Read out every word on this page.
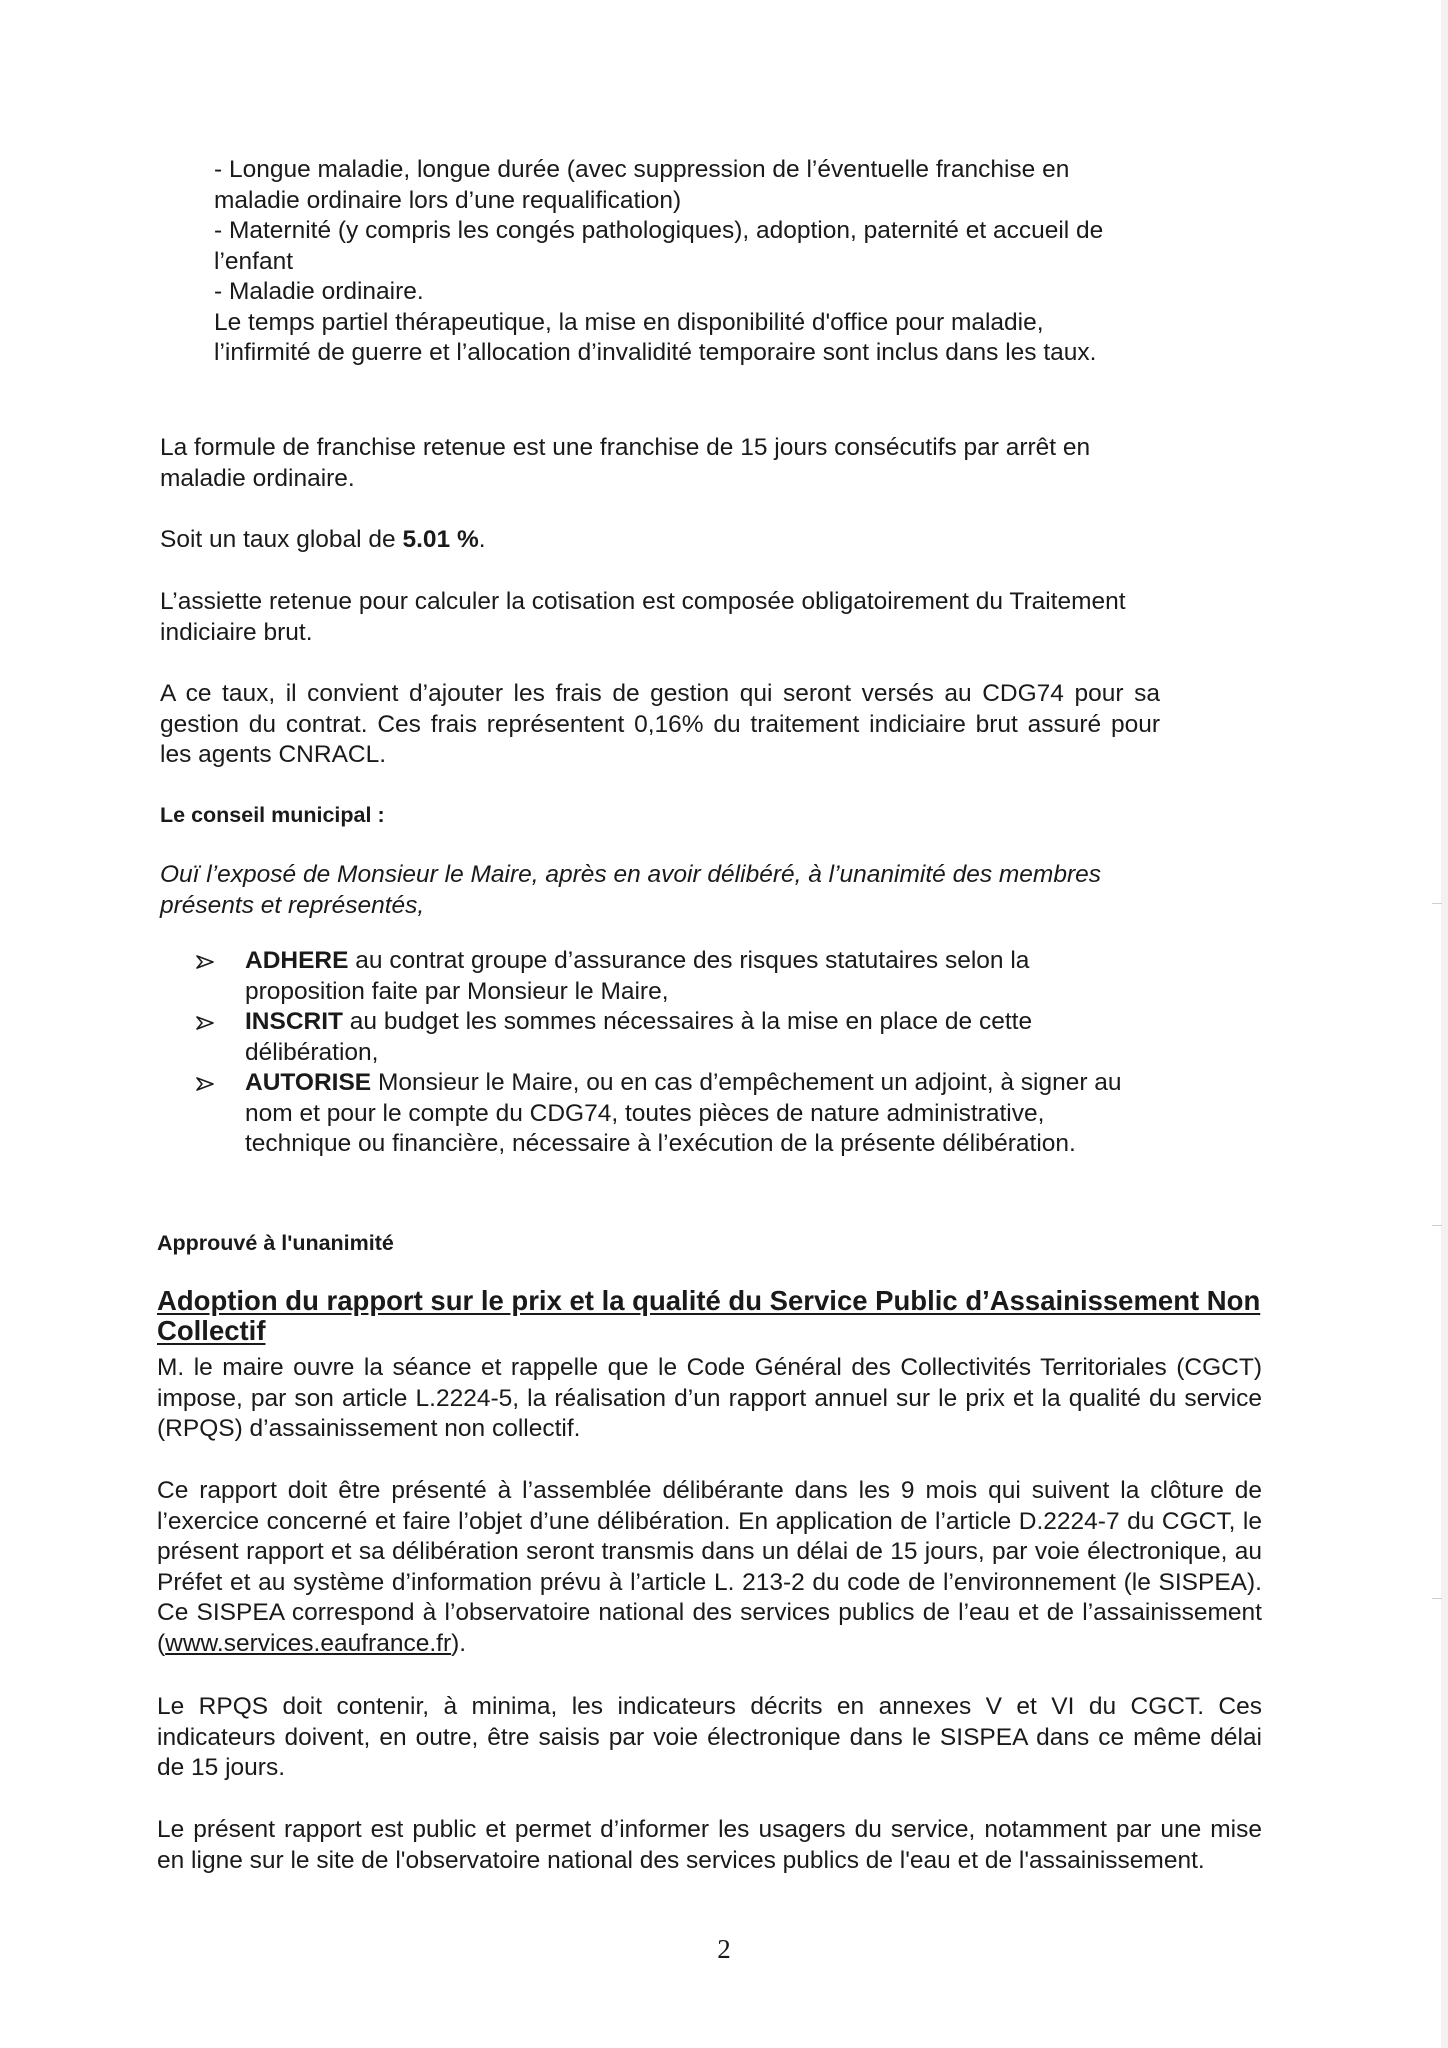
- Longue maladie, longue durée (avec suppression de l’éventuelle franchise en maladie ordinaire lors d’une requalification)

- Maternité (y compris les congés pathologiques), adoption, paternité et accueil de l’enfant

- Maladie ordinaire.

Le temps partiel thérapeutique, la mise en disponibilité d'office pour maladie, l’infirmité de guerre et l’allocation d’invalidité temporaire sont inclus dans les taux.

La formule de franchise retenue est une franchise de 15 jours consécutifs par arrêt en maladie ordinaire.

Soit un taux global de 5.01 %.

L’assiette retenue pour calculer la cotisation est composée obligatoirement du Traitement indiciaire brut.

A ce taux, il convient d’ajouter les frais de gestion qui seront versés au CDG74 pour sa gestion du contrat. Ces frais représentent 0,16% du traitement indiciaire brut assuré pour les agents CNRACL.

Le conseil municipal :

Ouï l’exposé de Monsieur le Maire, après en avoir délibéré, à l’unanimité des membres présents et représentés,

ADHERE au contrat groupe d’assurance des risques statutaires selon la proposition faite par Monsieur le Maire,
INSCRIT au budget les sommes nécessaires à la mise en place de cette délibération,
AUTORISE Monsieur le Maire, ou en cas d’empêchement un adjoint, à signer au nom et pour le compte du CDG74, toutes pièces de nature administrative, technique ou financière, nécessaire à l’exécution de la présente délibération.

Approuvé à l'unanimité

Adoption du rapport sur le prix et la qualité du Service Public d’Assainissement Non Collectif

M. le maire ouvre la séance et rappelle que le Code Général des Collectivités Territoriales (CGCT) impose, par son article L.2224-5, la réalisation d’un rapport annuel sur le prix et la qualité du service (RPQS) d’assainissement non collectif.

Ce rapport doit être présenté à l’assemblée délibérante dans les 9 mois qui suivent la clôture de l’exercice concerné et faire l’objet d’une délibération. En application de l’article D.2224-7 du CGCT, le présent rapport et sa délibération seront transmis dans un délai de 15 jours, par voie électronique, au Préfet et au système d’information prévu à l’article L. 213-2 du code de l’environnement (le SISPEA). Ce SISPEA correspond à l’observatoire national des services publics de l’eau et de l’assainissement (www.services.eaufrance.fr).

Le RPQS doit contenir, à minima, les indicateurs décrits en annexes V et VI du CGCT. Ces indicateurs doivent, en outre, être saisis par voie électronique dans le SISPEA dans ce même délai de 15 jours.

Le présent rapport est public et permet d’informer les usagers du service, notamment par une mise en ligne sur le site de l'observatoire national des services publics de l'eau et de l'assainissement.

2
